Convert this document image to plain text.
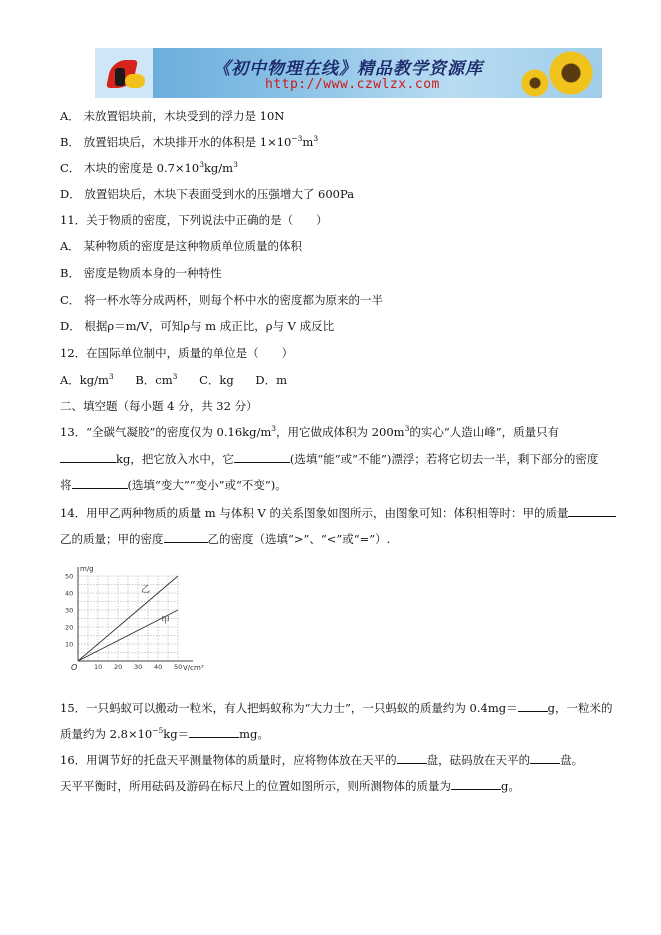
《初中物理在线》精品教学资源库
http://www.czwlzx.com
A． 未放置铝块前，木块受到的浮力是 10N
B． 放置铝块后，木块排开水的体积是 $1\times 10^{-3}m^3$
C． 木块的密度是 $0.7\times 10^3kg/m^3$
D． 放置铝块后，木块下表面受到水的压强增大了 600Pa
11．关于物质的密度，下列说法中正确的是（　　）
A． 某种物质的密度是这种物质单位质量的体积
B． 密度是物质本身的一种特性
C． 将一杯水等分成两杯，则每个杯中水的密度都为原来的一半
D． 根据ρ＝m/V，可知ρ与 m 成正比，ρ与 V 成反比
12．在国际单位制中，质量的单位是（　　）
A．$kg/m^3$ B．$cm^3$ C．kg D．m
二、填空题（每小题 4 分，共 32 分）
13．“全碳气凝胶”的密度仅为 $0.16kg/m^3$，用它做成体积为 $200m^3$的实心“人造山峰”，质量只有
kg，把它放入水中，它	(选填“能”或“不能”)漂浮；若将它切去一半，剩下部分的密度
将	(选填“变大”“变小”或“不变”)。
14．用甲乙两种物质的质量 m 与体积 V 的关系图象如图所示，由图象可知：体积相等时：甲的质量
乙的质量；甲的密度	乙的密度（选填“>”、“<”或“=”）.
m/g
V/cm³
O
10
20
30
40
50
10 20 30 40 50
乙
甲
15．一只蚂蚁可以搬动一粒米，有人把蚂蚁称为“大力士”，一只蚂蚁的质量约为 0.4mg＝	g，一粒米的
质量约为 $2.8\times 10^{-5}kg=$	mg。
16．用调节好的托盘天平测量物体的质量时，应将物体放在天平的	盘，砝码放在天平的	盘。
天平平衡时，所用砝码及游码在标尺上的位置如图所示，则所测物体的质量为	g。
